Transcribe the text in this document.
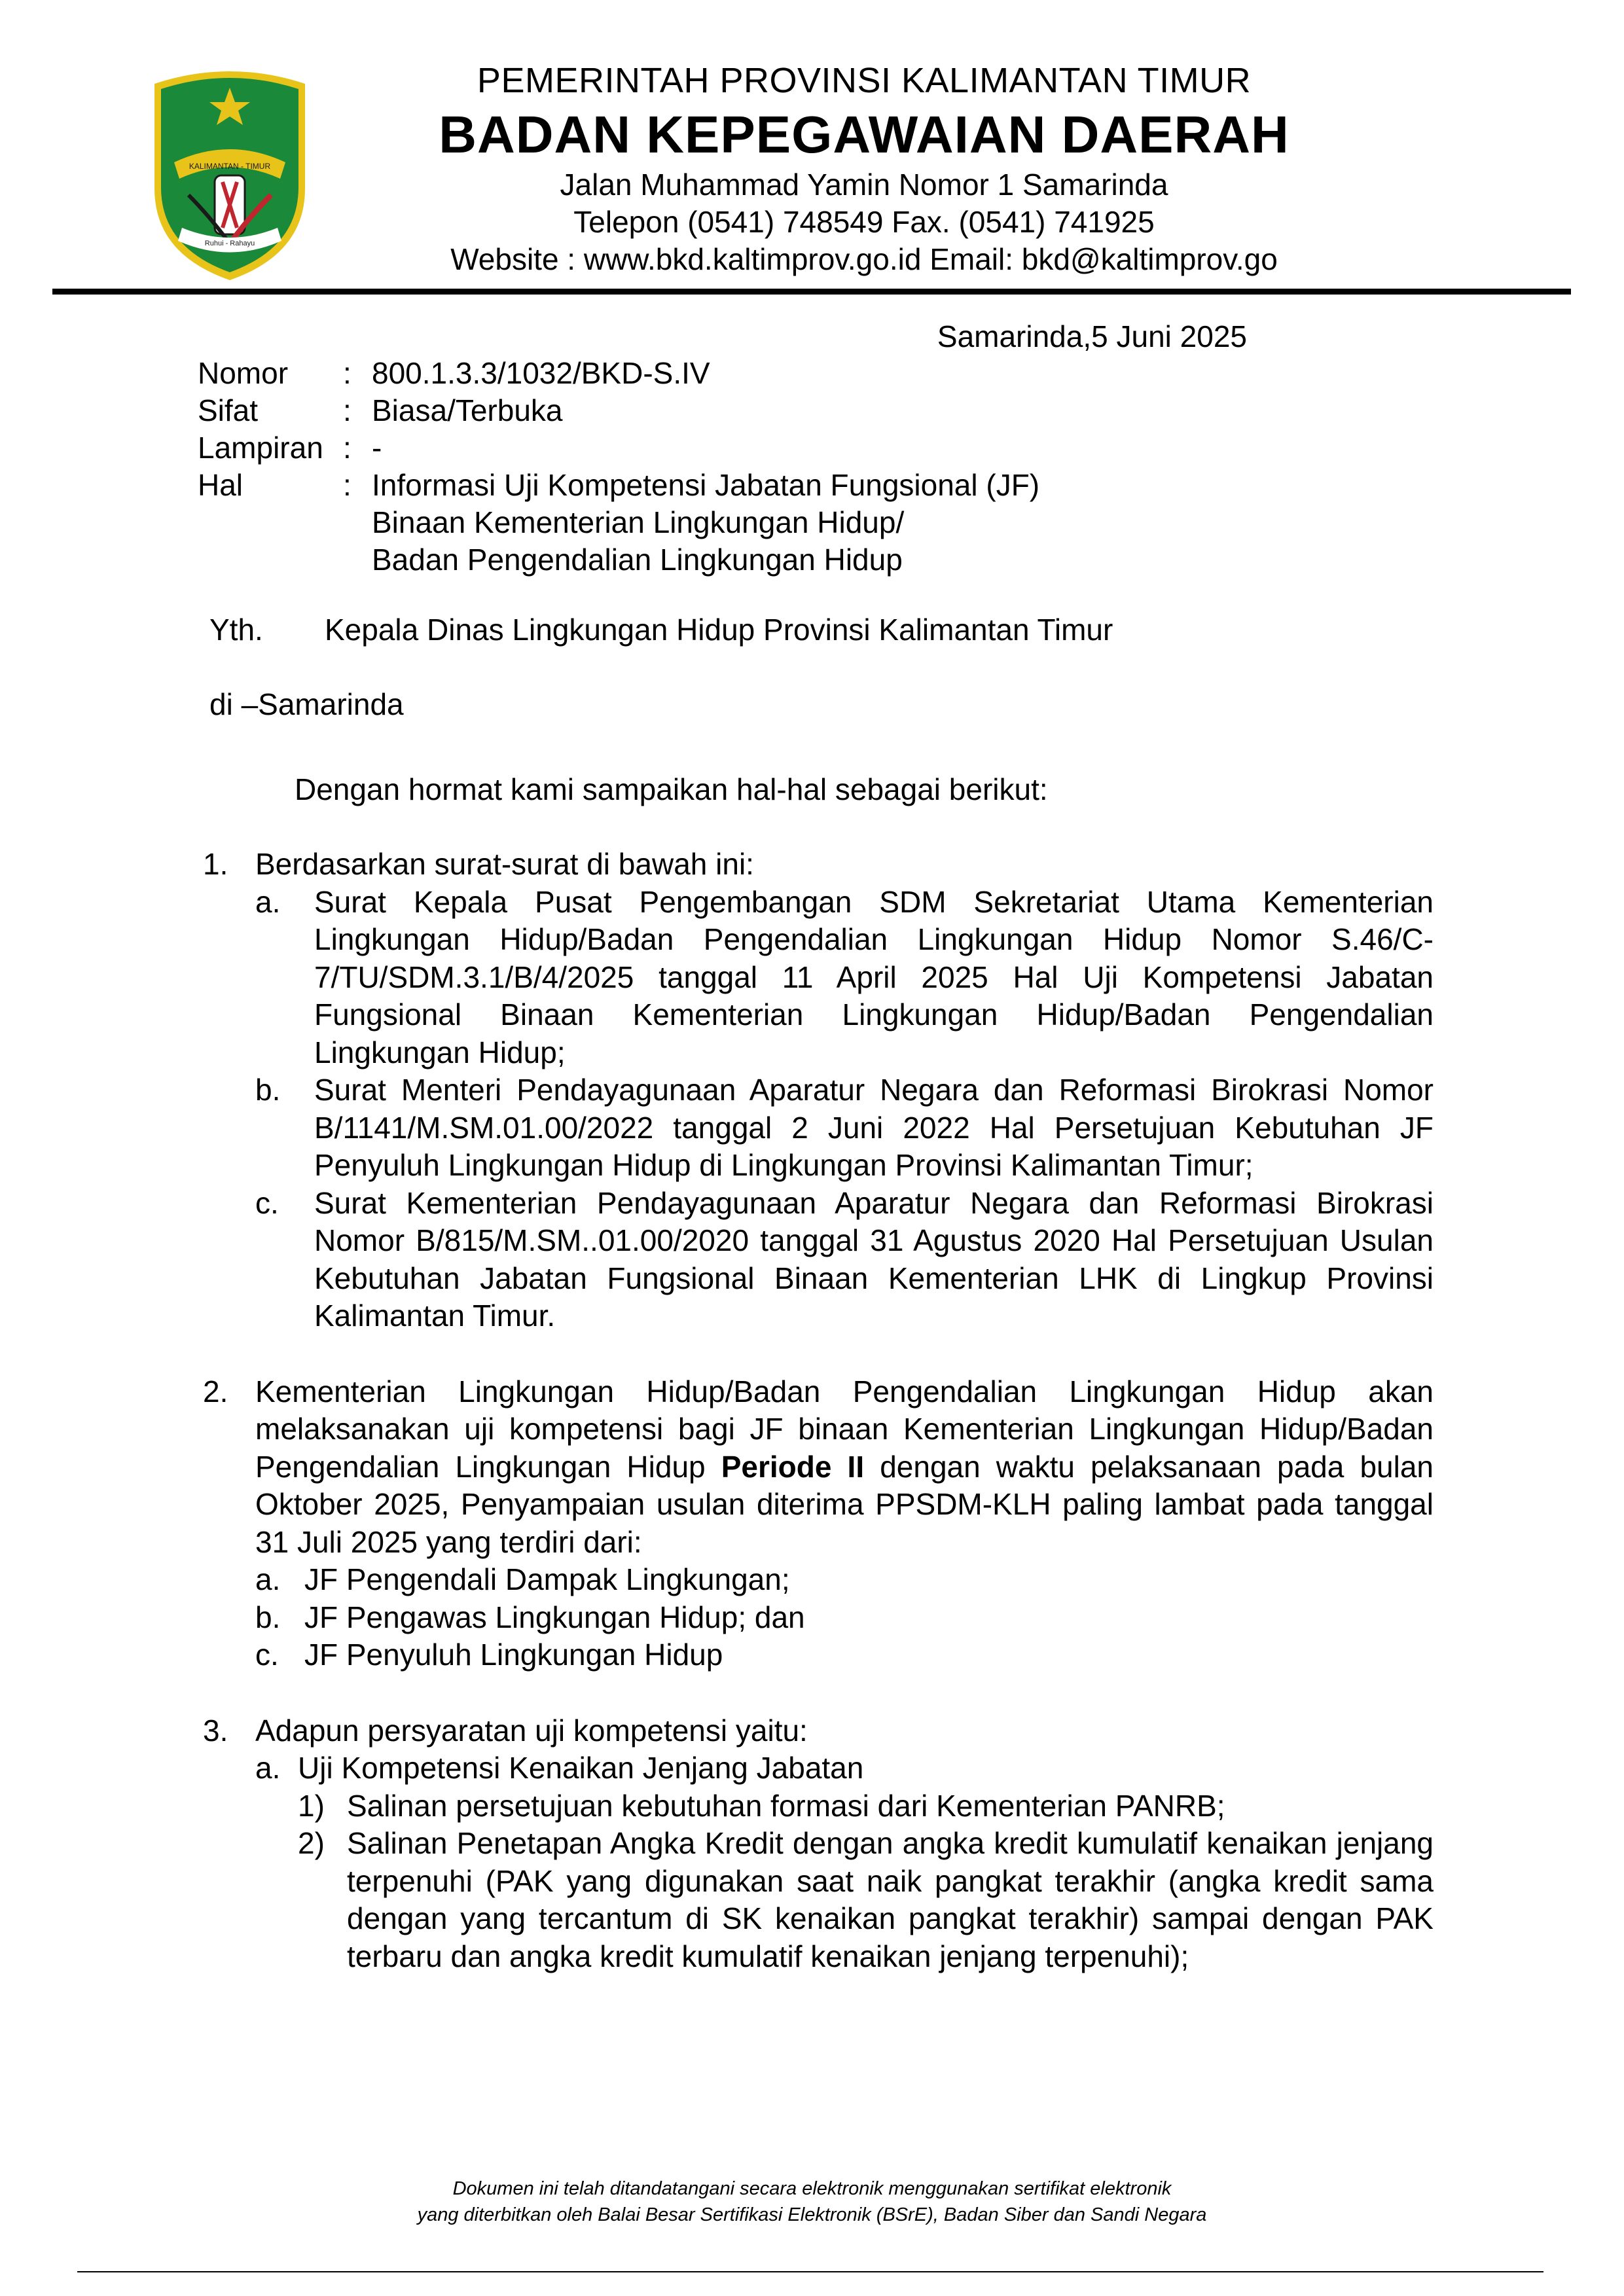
KALIMANTAN - TIMUR
Ruhui - Rahayu
PEMERINTAH PROVINSI KALIMANTAN TIMUR
BADAN KEPEGAWAIAN DAERAH
Jalan Muhammad Yamin Nomor 1 Samarinda
Telepon (0541) 748549 Fax. (0541) 741925
Website : www.bkd.kaltimprov.go.id Email: bkd@kaltimprov.go
Samarinda,5 Juni 2025
Nomor	: 800.1.3.3/1032/BKD-S.IV
Sifat	: Biasa/Terbuka
Lampiran : -
Hal	: Informasi Uji Kompetensi Jabatan Fungsional (JF)
Binaan Kementerian Lingkungan Hidup/
Badan Pengendalian Lingkungan Hidup
Yth.	Kepala Dinas Lingkungan Hidup Provinsi Kalimantan Timur
di –Samarinda
Dengan hormat kami sampaikan hal-hal sebagai berikut:
1. Berdasarkan surat-surat di bawah ini:
a.	Surat Kepala Pusat Pengembangan SDM Sekretariat Utama Kementerian Lingkungan Hidup/Badan Pengendalian Lingkungan Hidup Nomor S.46/C-7/TU/SDM.3.1/B/4/2025 tanggal 11 April 2025 Hal Uji Kompetensi Jabatan Fungsional Binaan Kementerian Lingkungan Hidup/Badan Pengendalian Lingkungan Hidup;
b.	Surat Menteri Pendayagunaan Aparatur Negara dan Reformasi Birokrasi Nomor B/1141/M.SM.01.00/2022 tanggal 2 Juni 2022 Hal Persetujuan Kebutuhan JF Penyuluh Lingkungan Hidup di Lingkungan Provinsi Kalimantan Timur;
c.	Surat Kementerian Pendayagunaan Aparatur Negara dan Reformasi Birokrasi Nomor B/815/M.SM..01.00/2020 tanggal 31 Agustus 2020 Hal Persetujuan Usulan Kebutuhan Jabatan Fungsional Binaan Kementerian LHK di Lingkup Provinsi Kalimantan Timur.
2. Kementerian Lingkungan Hidup/Badan Pengendalian Lingkungan Hidup akan melaksanakan uji kompetensi bagi JF binaan Kementerian Lingkungan Hidup/Badan Pengendalian Lingkungan Hidup Periode II dengan waktu pelaksanaan pada bulan Oktober 2025, Penyampaian usulan diterima PPSDM-KLH paling lambat pada tanggal 31 Juli 2025 yang terdiri dari:
a. JF Pengendali Dampak Lingkungan;
b. JF Pengawas Lingkungan Hidup; dan
c. JF Penyuluh Lingkungan Hidup
3. Adapun persyaratan uji kompetensi yaitu:
a. Uji Kompetensi Kenaikan Jenjang Jabatan
1) Salinan persetujuan kebutuhan formasi dari Kementerian PANRB;
2) Salinan Penetapan Angka Kredit dengan angka kredit kumulatif kenaikan jenjang terpenuhi (PAK yang digunakan saat naik pangkat terakhir (angka kredit sama dengan yang tercantum di SK kenaikan pangkat terakhir) sampai dengan PAK terbaru dan angka kredit kumulatif kenaikan jenjang terpenuhi);
Dokumen ini telah ditandatangani secara elektronik menggunakan sertifikat elektronik
yang diterbitkan oleh Balai Besar Sertifikasi Elektronik (BSrE), Badan Siber dan Sandi Negara
